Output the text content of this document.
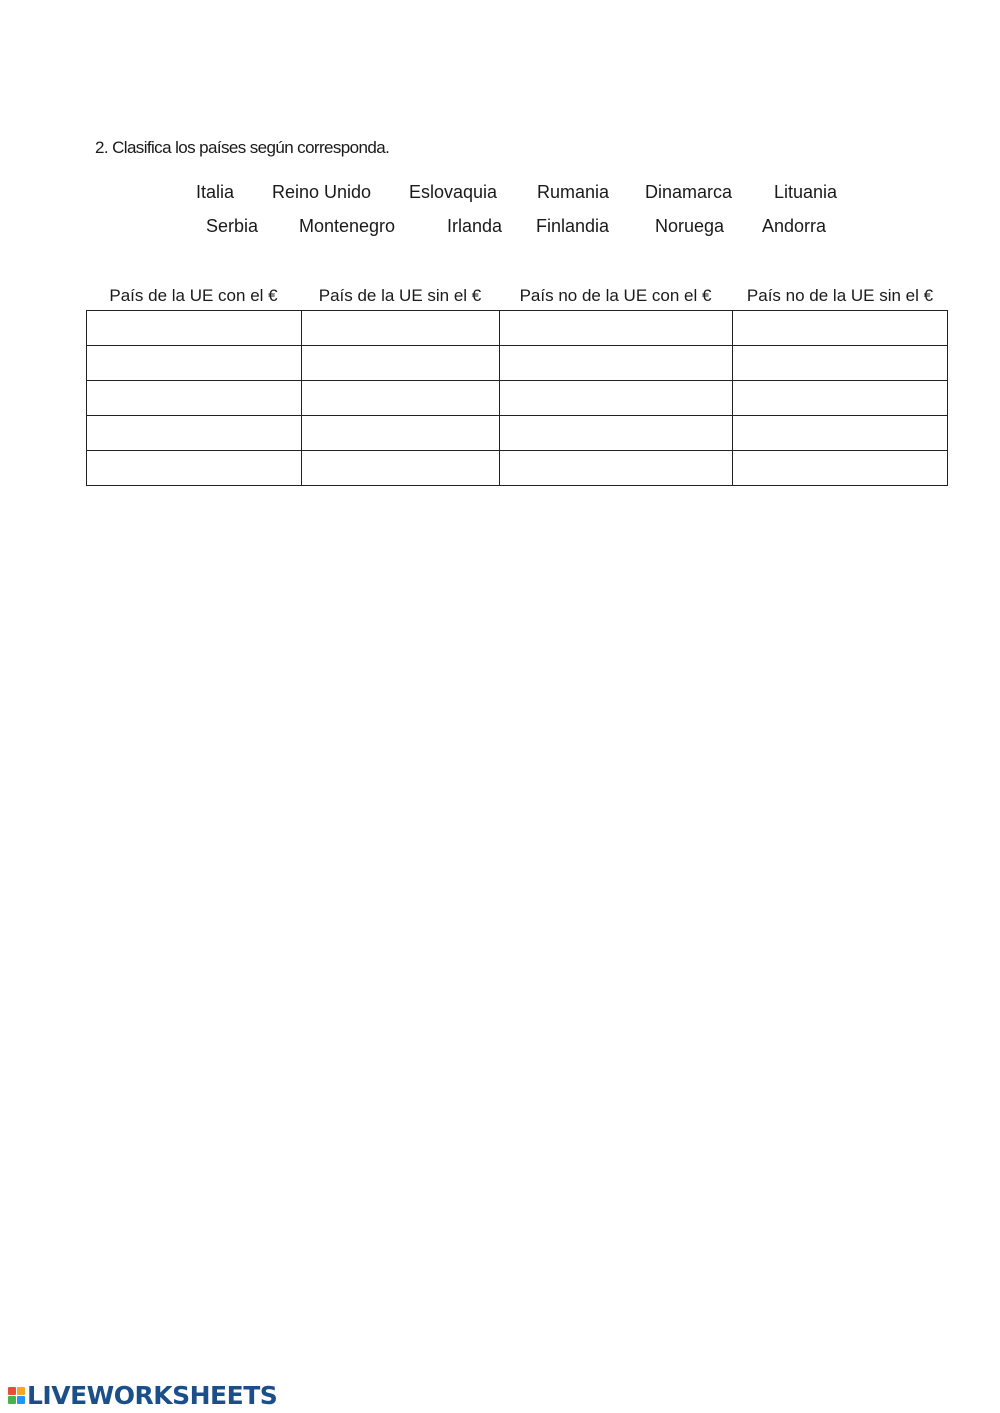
2. Clasifica los países según corresponda.
Italia Reino Unido Eslovaquia Rumania Dinamarca Lituania
Serbia Montenegro	Irlanda Finlandia	Noruega Andorra
País de la UE con el €	País de la UE sin el €	País no de la UE con el €	País no de la UE sin el €

LIVEWORKSHEETS
